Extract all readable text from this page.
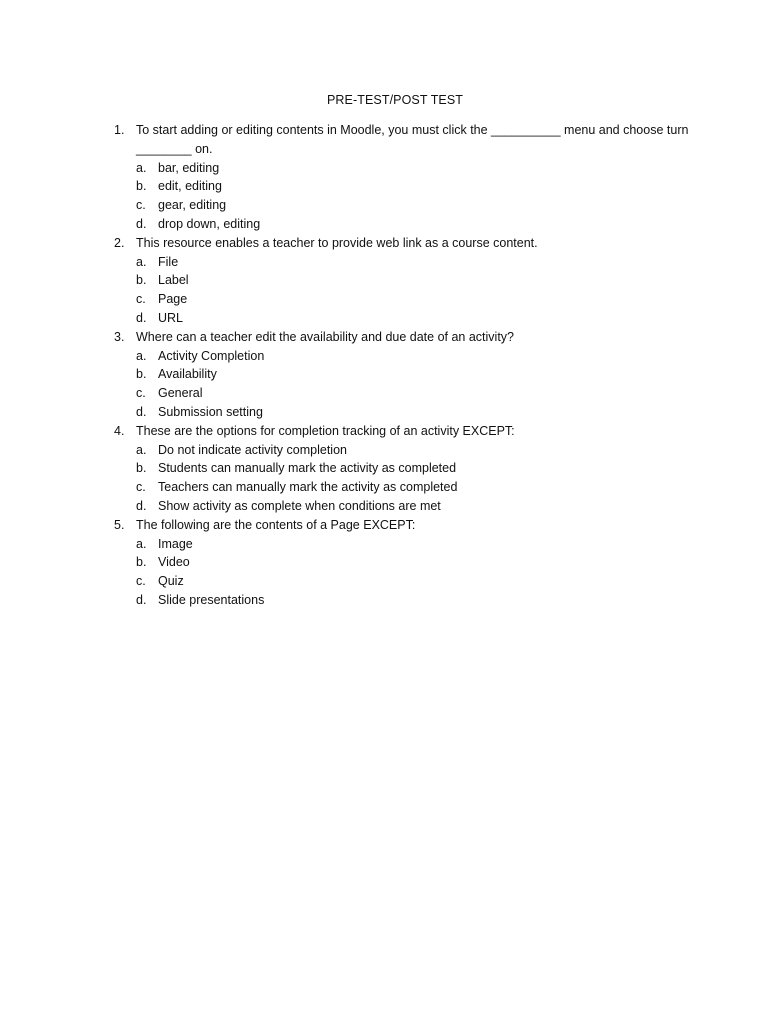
PRE-TEST/POST TEST
1. To start adding or editing contents in Moodle, you must click the __________ menu and choose turn ________ on.
a. bar, editing
b. edit, editing
c. gear, editing
d. drop down, editing
2. This resource enables a teacher to provide web link as a course content.
a. File
b. Label
c. Page
d. URL
3. Where can a teacher edit the availability and due date of an activity?
a. Activity Completion
b. Availability
c. General
d. Submission setting
4. These are the options for completion tracking of an activity EXCEPT:
a. Do not indicate activity completion
b. Students can manually mark the activity as completed
c. Teachers can manually mark the activity as completed
d. Show activity as complete when conditions are met
5. The following are the contents of a Page EXCEPT:
a. Image
b. Video
c. Quiz
d. Slide presentations
